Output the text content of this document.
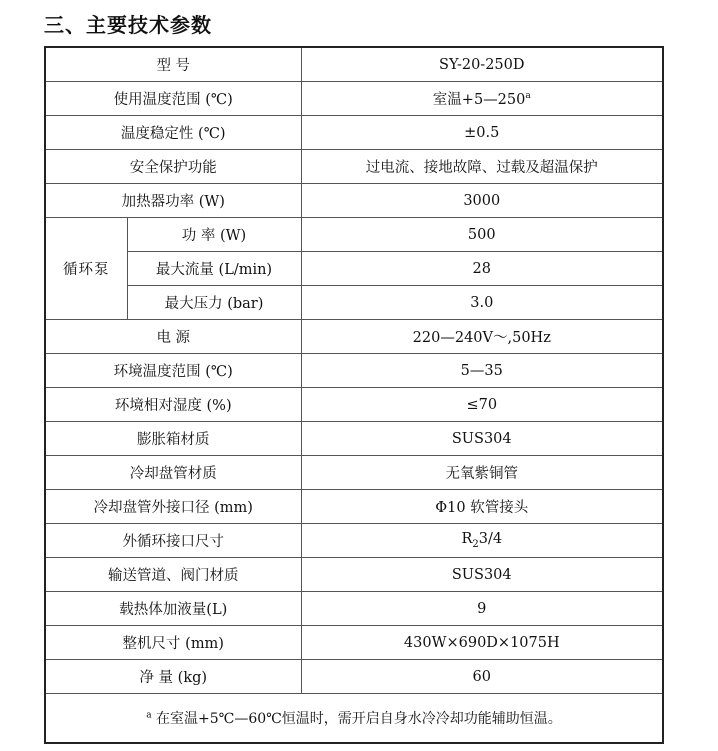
三、主要技术参数
型 号		SY-20-250D
使用温度范围 (℃)		室温$+5—250^a$
温度稳定性 (℃)		±0.5
安全保护功能		过电流、接地故障、过载及超温保护
加热器功率 (W)		3000
循环泵	功 率 (W)	500
	最大流量 (L/min)	28
	最大压力 (bar)	3.0
电 源		220—240V～,50Hz
环境温度范围 (℃)		5—35
环境相对湿度 (%)		≤70
膨胀箱材质		SUS304
冷却盘管材质		无氧紫铜管
冷却盘管外接口径 (mm)		Φ10 软管接头
外循环接口尺寸		$R_23/4$
输送管道、阀门材质		SUS304
载热体加液量(L)		9
整机尺寸 (mm)		430W×690D×1075H
净 量 (kg)		60
$^a$ 在室温+5℃—60℃恒温时，需开启自身水冷冷却功能辅助恒温。		
